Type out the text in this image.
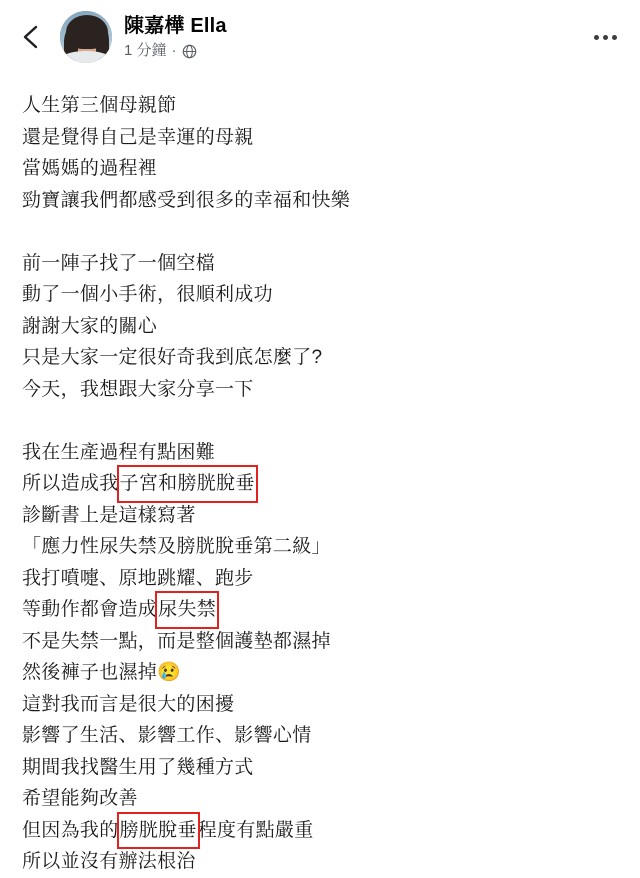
陳嘉樺 Ella
1 分鐘 ·
人生第三個母親節
還是覺得自己是幸運的母親
當媽媽的過程裡
勁寶讓我們都感受到很多的幸福和快樂

前一陣子找了一個空檔
動了一個小手術，很順利成功
謝謝大家的關心
只是大家一定很好奇我到底怎麼了?
今天，我想跟大家分享一下

我在生產過程有點困難
所以造成我子宮和膀胱脫垂
診斷書上是這樣寫著
「應力性尿失禁及膀胱脫垂第二級」
我打噴嚏、原地跳耀、跑步
等動作都會造成尿失禁
不是失禁一點，而是整個護墊都濕掉
然後褲子也濕掉😢
這對我而言是很大的困擾
影響了生活、影響工作、影響心情
期間我找醫生用了幾種方式
希望能夠改善
但因為我的膀胱脫垂程度有點嚴重
所以並沒有辦法根治
